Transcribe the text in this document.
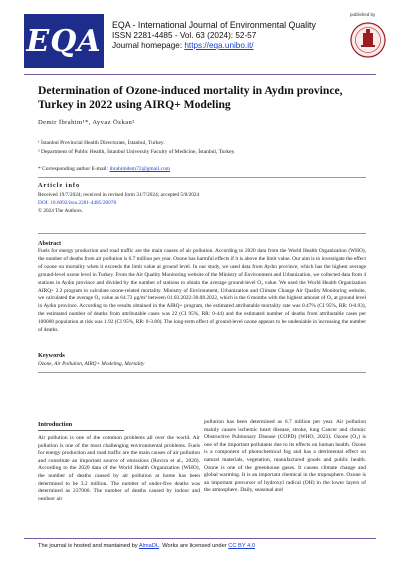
EQA EQA - International Journal of Environmental Quality
ISSN 2281-4485 - Vol. 63 (2024): 52-57
Journal homepage: https://eqa.unibo.it/
published by
Determination of Ozone-induced mortality in Aydın province, Turkey in 2022 using AIRQ+ Modeling
Demir İbrahim¹*, Ayvaz Özkan²
¹ İstanbul Provincial Health Directorate, İstanbul, Turkey.
² Department of Public Health, İstanbul University Faculty of Medicine, İstanbul, Turkey.
* Corresponding author E-mail: ibrahimdem72@gmail.com
Article info
Received 19/7/2024; received in revised form 31/7/2024; accepted 5/8/2024
DOI: 10.6092/issn.2281-4485/20078
© 2024 The Authors.
Abstract
Fuels for energy production and road traffic are the main causes of air pollution. According to 2020 data from the World Health Organization (WHO), the number of deaths from air pollution is 6.7 million per year. Ozone has harmful effects if it is above the limit value. Our aim is to investigate the effect of ozone on mortality when it exceeds the limit value at ground level. In our study, we used data from Aydın province, which has the highest average ground-level ozone level in Turkey. From the Air Quality Monitoring website of the Ministry of Environment and Urbanization, we collected data from 4 stations in Aydın province and divided by the number of stations to obtain the average ground-level O₃ value. We used the World Health Organization AIRQ+ 2.2 program to calculate ozone-related mortality. Ministry of Environment, Urbanization and Climate Change Air Quality Monitoring website, we calculated the average O₃ value as 64.73 µg/m³ between 01.03.2022-30.08.2022, which is the 6 months with the highest amount of O₃ at ground level in Aydın province. According to the results obtained in the AIRQ+ program, the estimated attributable mortality rate was 0.47% (CI 95%, RR: 0-0.93), the estimated number of deaths from attributable cases was 22 (CI 95%, RR: 0-44) and the estimated number of deaths from attributable cases per 100000 population at risk was 1.92 (CI 95%, RR: 0-3.80). The long-term effect of ground-level ozone appears to be undeniable in increasing the number of deaths.
Keywords
Ozone, Air Pollution, AIRQ+ Modeling, Mortality
Introduction
Air pollution is one of the common problems all over the world. Air pollution is one of the most challenging environmental problems. Fuels for energy production and road traffic are the main causes of air pollution and constitute an important source of emissions (Rovira et al., 2020). According to the 2020 data of the World Health Organization (WHO), the number of deaths caused by air pollution at home has been determined to be 3.2 million. The number of under-five deaths was determined as 237000. The number of deaths caused by indoor and outdoor air
pollution has been determined as 6.7 million per year. Air pollution mainly causes ischemic heart disease, stroke, lung Cancer and chronic Obstructive Pulmonary Disease (COPD) (WHO, 2023). Ozone (O₃) is one of the important pollutants due to its effects on human health. Ozone is a component of photochemical fog and has a detrimental effect on natural materials, vegetation, manufactured goods and public health. Ozone is one of the greenhouse gases. It causes climate change and global warming. It is an important chemical in the troposphere. Ozone is an important precursor of hydroxyl radical (OH) in the lower layers of the atmosphere. Daily, seasonal and
The journal is hosted and mantained by AlmaDL. Works are licensed under CC BY 4.0
